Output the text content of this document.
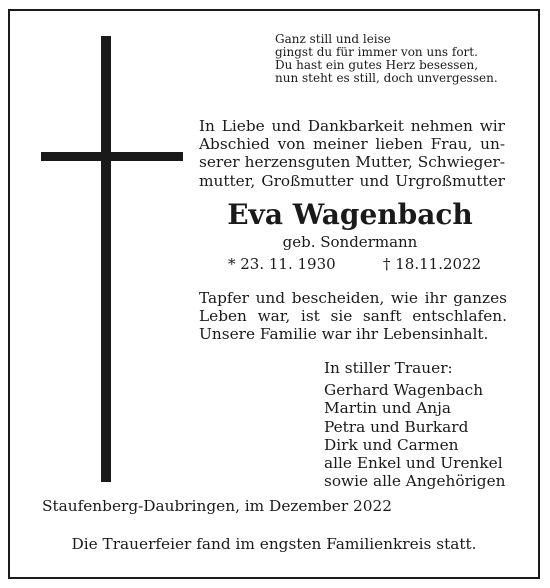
Ganz still und leise
gingst du für immer von uns fort.
Du hast ein gutes Herz besessen,
nun steht es still, doch unvergessen.
In Liebe und Dankbarkeit nehmen wir
Abschied von meiner lieben Frau, un-
serer herzensguten Mutter, Schwieger-
mutter, Großmutter und Urgroßmutter
Eva Wagenbach
geb. Sondermann
* 23. 11. 1930	† 18.11.2022
Tapfer und bescheiden, wie ihr ganzes
Leben war, ist sie sanft entschlafen.
Unsere Familie war ihr Lebensinhalt.
In stiller Trauer:
Gerhard Wagenbach
Martin und Anja
Petra und Burkard
Dirk und Carmen
alle Enkel und Urenkel
sowie alle Angehörigen
Staufenberg-Daubringen, im Dezember 2022
Die Trauerfeier fand im engsten Familienkreis statt.
